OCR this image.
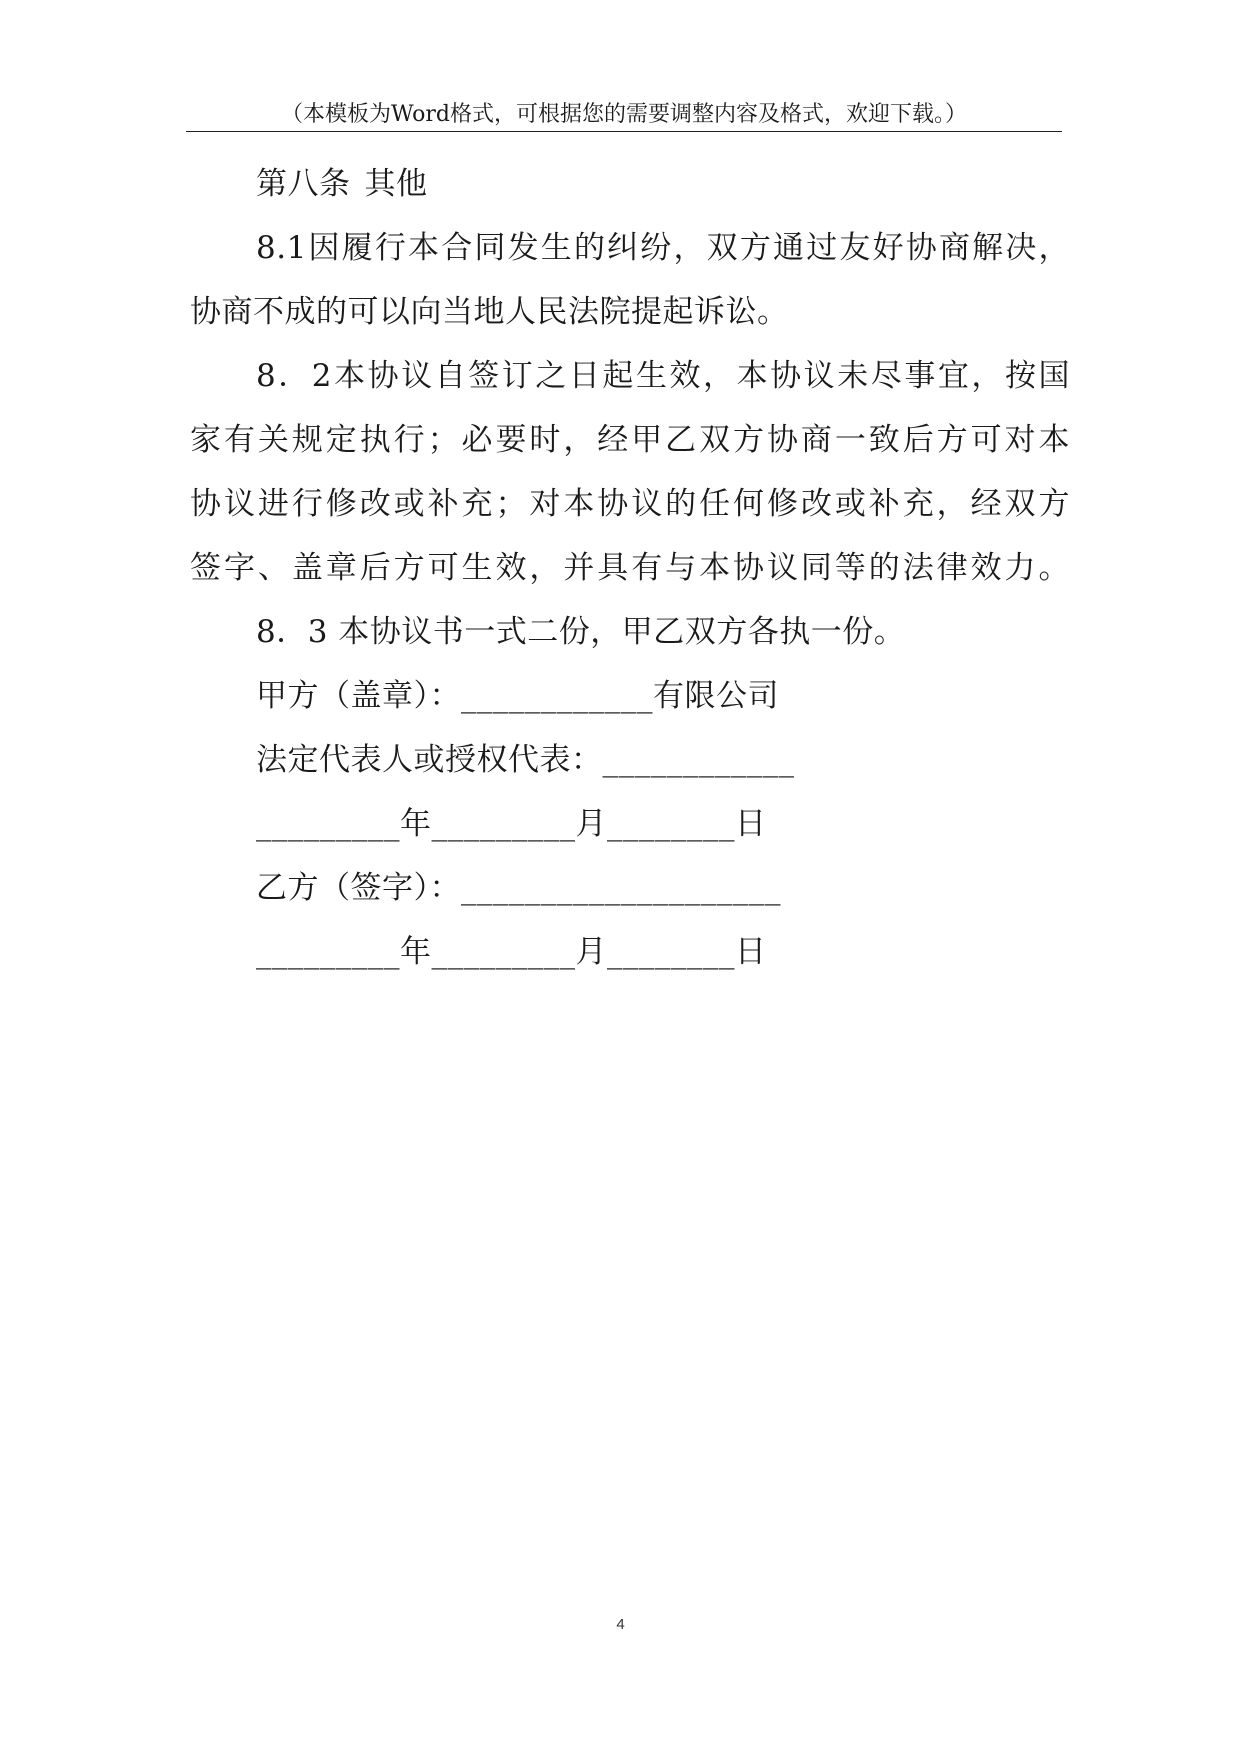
（本模板为Word格式，可根据您的需要调整内容及格式，欢迎下载。）
第八条 其他
8.1因履行本合同发生的纠纷，双方通过友好协商解决，
协商不成的可以向当地人民法院提起诉讼。
8．2本协议自签订之日起生效，本协议未尽事宜，按国
家有关规定执行；必要时，经甲乙双方协商一致后方可对本
协议进行修改或补充；对本协议的任何修改或补充，经双方
签字、盖章后方可生效，并具有与本协议同等的法律效力。
8．3 本协议书一式二份，甲乙双方各执一份。
甲方（盖章）：____________有限公司
法定代表人或授权代表：____________
_________年_________月________日
乙方（签字）：____________________
_________年_________月________日
4
